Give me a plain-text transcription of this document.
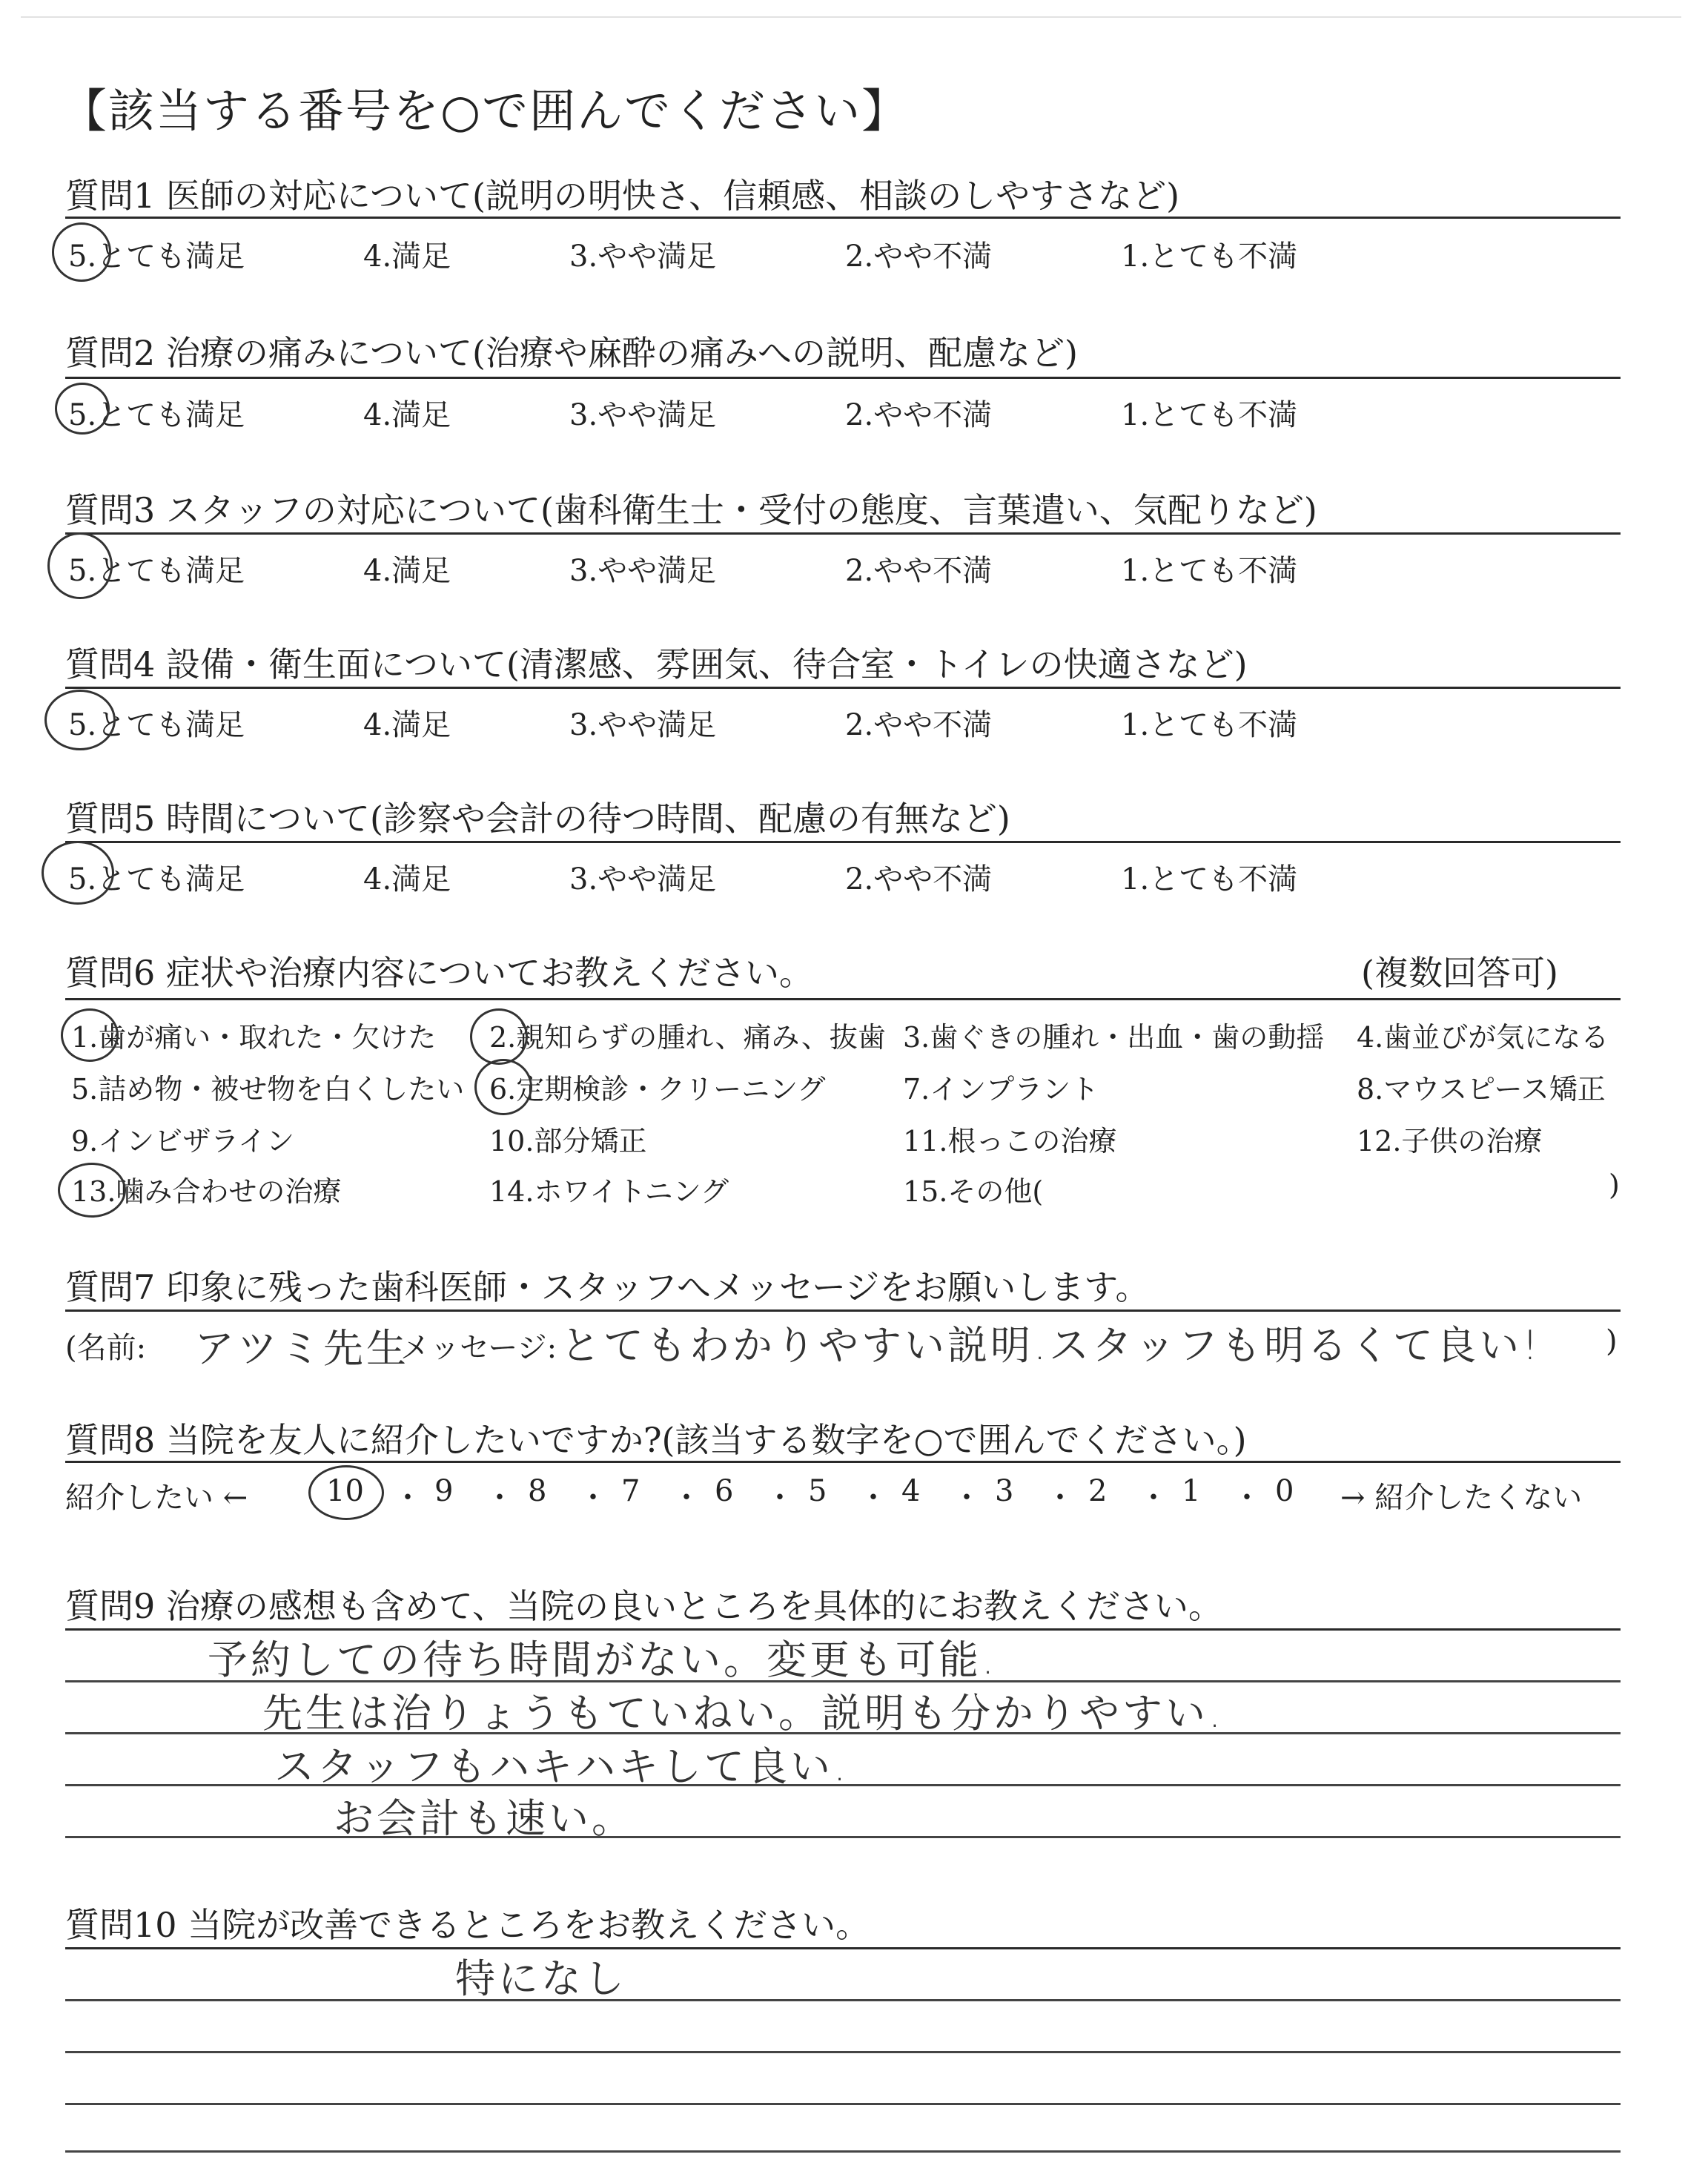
【該当する番号を○で囲んでください】
質問1 医師の対応について(説明の明快さ、信頼感、相談のしやすさなど)
5.とても満足	4.満足	3.やや満足	2.やや不満	1.とても不満
質問2 治療の痛みについて(治療や麻酔の痛みへの説明、配慮など)
5.とても満足	4.満足	3.やや満足	2.やや不満	1.とても不満
質問3 スタッフの対応について(歯科衛生士・受付の態度、言葉遣い、気配りなど)
5.とても満足	4.満足	3.やや満足	2.やや不満	1.とても不満
質問4 設備・衛生面について(清潔感、雰囲気、待合室・トイレの快適さなど)
5.とても満足	4.満足	3.やや満足	2.やや不満	1.とても不満
質問5 時間について(診察や会計の待つ時間、配慮の有無など)
5.とても満足	4.満足	3.やや満足	2.やや不満	1.とても不満
質問6 症状や治療内容についてお教えください。	(複数回答可)
1.歯が痛い・取れた・欠けた 2.親知らずの腫れ、痛み、抜歯 3.歯ぐきの腫れ・出血・歯の動揺 4.歯並びが気になる
5.詰め物・被せ物を白くしたい 6.定期検診・クリーニング	7.インプラント	8.マウスピース矯正
9.インビザライン	10.部分矯正	11.根っこの治療	12.子供の治療
13.噛み合わせの治療	14.ホワイトニング	15.その他(	)
質問7 印象に残った歯科医師・スタッフへメッセージをお願いします。
(名前: アツミ先生
メッセージ: とてもわかりやすい説明.スタッフも明るくて良い! )
質問8 当院を友人に紹介したいですか?(該当する数字を○で囲んでください。)
紹介したい ←	10 ・ 9 ・ 8 ・ 7 ・ 6 ・ 5 ・ 4 ・ 3 ・ 2 ・ 1 ・ 0 → 紹介したくない
質問9 治療の感想も含めて、当院の良いところを具体的にお教えください。
予約しての待ち時間がない。変更も可能.
先生は治りょうもていねい。説明も分かりやすい.
スタッフもハキハキして良い.
お会計も速い。
質問10 当院が改善できるところをお教えください。
特になし
